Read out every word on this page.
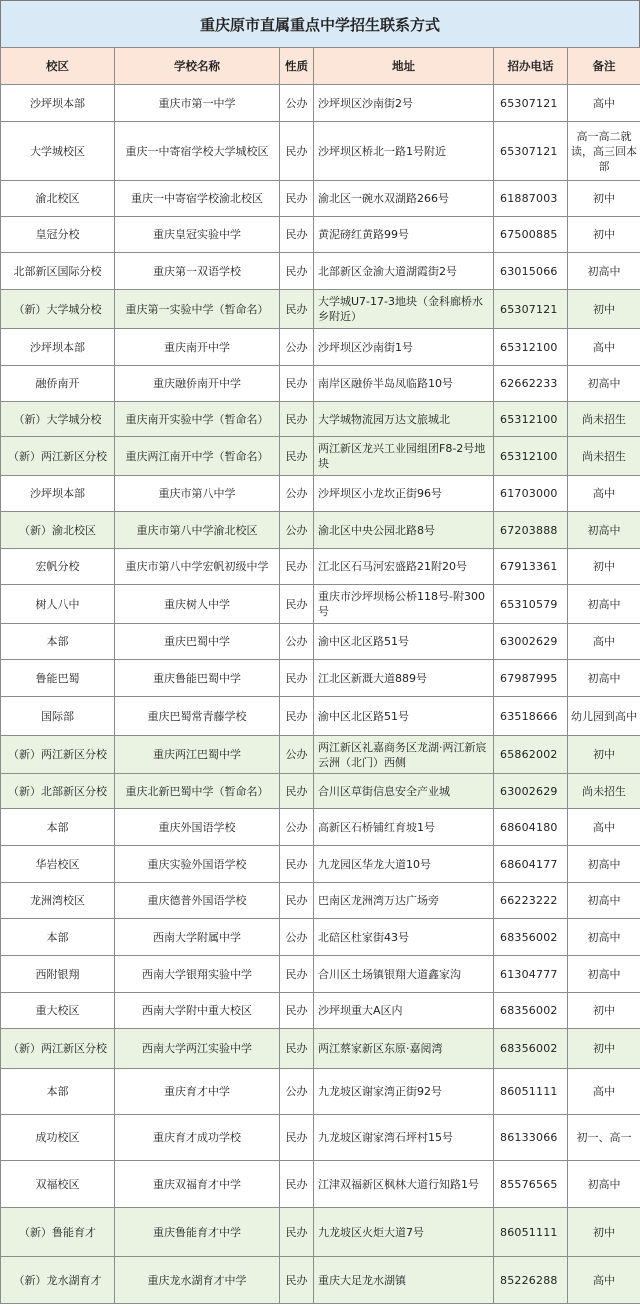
重庆原市直属重点中学招生联系方式
校区	学校名称	性质	地址	招办电话	备注
沙坪坝本部	重庆市第一中学	公办	沙坪坝区沙南街2号	65307121	高中
大学城校区	重庆一中寄宿学校大学城校区	民办	沙坪坝区桥北一路1号附近	65307121	高一高二就读，高三回本部
渝北校区	重庆一中寄宿学校渝北校区	民办	渝北区一碗水双湖路266号	61887003	初中
皇冠分校	重庆皇冠实验中学	民办	黄泥磅红黄路99号	67500885	初中
北部新区国际分校	重庆第一双语学校	民办	北部新区金渝大道湖霞街2号	63015066	初高中
（新）大学城分校	重庆第一实验中学（暂命名）	民办	大学城U7-17-3地块（金科廊桥水乡附近）	65307121	初中
沙坪坝本部	重庆南开中学	公办	沙坪坝区沙南街1号	65312100	高中
融侨南开	重庆融侨南开中学	民办	南岸区融侨半岛凤临路10号	62662233	初高中
（新）大学城分校	重庆南开实验中学（暂命名）	民办	大学城物流园万达文旅城北	65312100	尚未招生
（新）两江新区分校	重庆两江南开中学（暂命名）	民办	两江新区龙兴工业园组团F8-2号地块	65312100	尚未招生
沙坪坝本部	重庆市第八中学	公办	沙坪坝区小龙坎正街96号	61703000	高中
（新）渝北校区	重庆市第八中学渝北校区	公办	渝北区中央公园北路8号	67203888	初高中
宏帆分校	重庆市第八中学宏帆初级中学	民办	江北区石马河宏盛路21附20号	67913361	初中
树人八中	重庆树人中学	民办	重庆市沙坪坝杨公桥118号-附300号	65310579	初高中
本部	重庆巴蜀中学	公办	渝中区北区路51号	63002629	高中
鲁能巴蜀	重庆鲁能巴蜀中学	民办	江北区新溉大道889号	67987995	初高中
国际部	重庆巴蜀常青藤学校	民办	渝中区北区路51号	63518666	幼儿园到高中
（新）两江新区分校	重庆两江巴蜀中学	公办	两江新区礼嘉商务区龙湖·两江新宸云洲（北门）西侧	65862002	初中
（新）北部新区分校	重庆北新巴蜀中学（暂命名）	民办	合川区草街信息安全产业城	63002629	尚未招生
本部	重庆外国语学校	公办	高新区石桥铺红育坡1号	68604180	高中
华岩校区	重庆实验外国语学校	民办	九龙园区华龙大道10号	68604177	初高中
龙洲湾校区	重庆德普外国语学校	民办	巴南区龙洲湾万达广场旁	66223222	初高中
本部	西南大学附属中学	公办	北碚区杜家街43号	68356002	初高中
西附银翔	西南大学银翔实验中学	民办	合川区土场镇银翔大道鑫家沟	61304777	初高中
重大校区	西南大学附中重大校区	民办	沙坪坝重大A区内	68356002	初中
（新）两江新区分校	西南大学两江实验中学	民办	两江蔡家新区东原·嘉阅湾	68356002	初中
本部	重庆育才中学	公办	九龙坡区谢家湾正街92号	86051111	高中
成功校区	重庆育才成功学校	民办	九龙坡区谢家湾石坪村15号	86133066	初一、高一
双福校区	重庆双福育才中学	民办	江津双福新区枫林大道行知路1号	85576565	初高中
（新）鲁能育才	重庆鲁能育才中学	民办	九龙坡区火炬大道7号	86051111	初中
（新）龙水湖育才	重庆龙水湖育才中学	民办	重庆大足龙水湖镇	85226288	高中
